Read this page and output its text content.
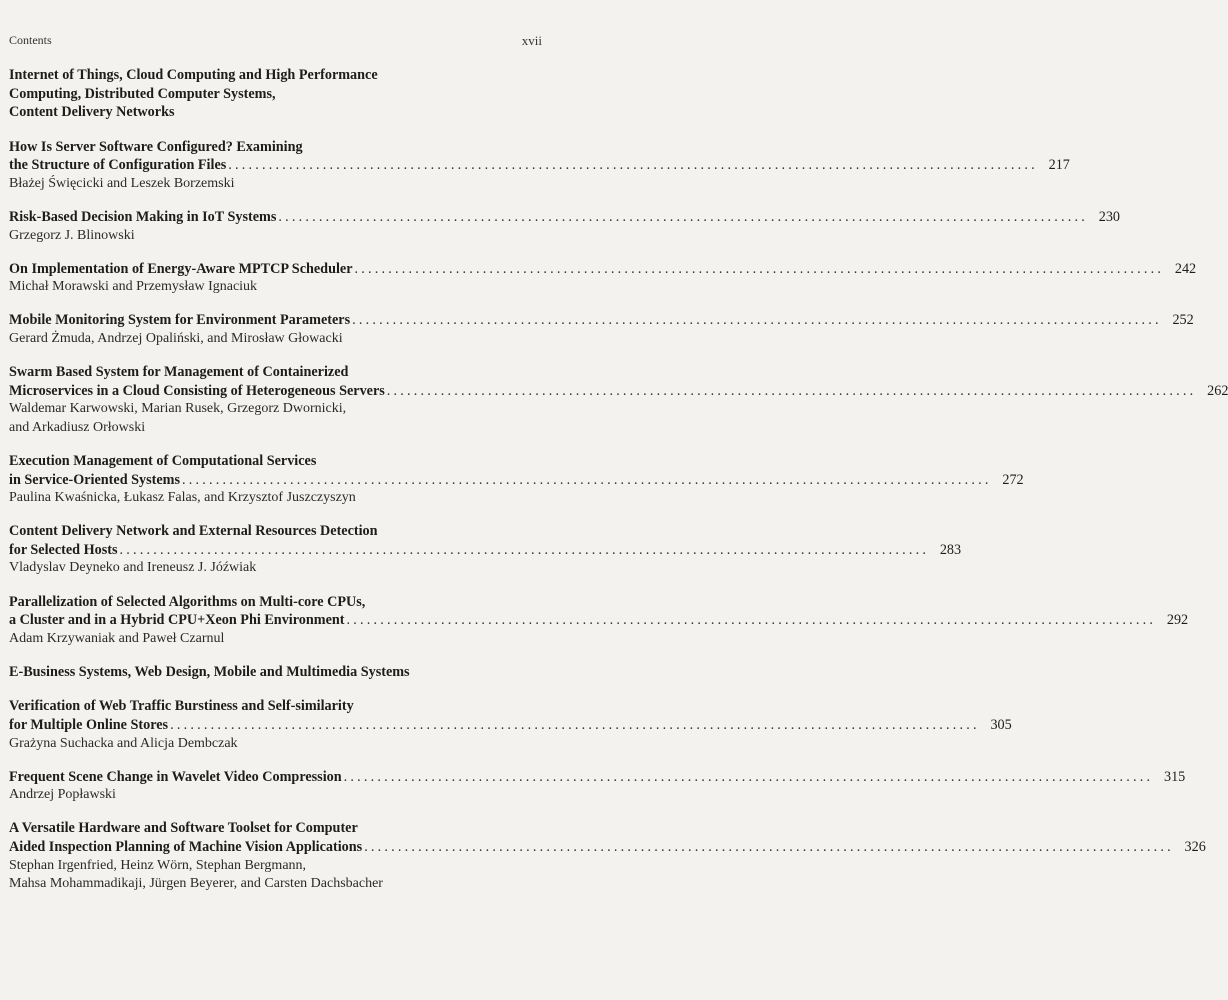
Contents	xvii
Internet of Things, Cloud Computing and High Performance
Computing, Distributed Computer Systems,
Content Delivery Networks
How Is Server Software Configured? Examining
the Structure of Configuration Files ........................................................................................................................ 217
Błażej Święcicki and Leszek Borzemski
Risk-Based Decision Making in IoT Systems ........................................................................................................................ 230
Grzegorz J. Blinowski
On Implementation of Energy-Aware MPTCP Scheduler ........................................................................................................................ 242
Michał Morawski and Przemysław Ignaciuk
Mobile Monitoring System for Environment Parameters ........................................................................................................................ 252
Gerard Żmuda, Andrzej Opaliński, and Mirosław Głowacki
Swarm Based System for Management of Containerized
Microservices in a Cloud Consisting of Heterogeneous Servers ........................................................................................................................ 262
Waldemar Karwowski, Marian Rusek, Grzegorz Dwornicki,
and Arkadiusz Orłowski
Execution Management of Computational Services
in Service-Oriented Systems ........................................................................................................................ 272
Paulina Kwaśnicka, Łukasz Falas, and Krzysztof Juszczyszyn
Content Delivery Network and External Resources Detection
for Selected Hosts ........................................................................................................................ 283
Vladyslav Deyneko and Ireneusz J. Jóźwiak
Parallelization of Selected Algorithms on Multi-core CPUs,
a Cluster and in a Hybrid CPU+Xeon Phi Environment ........................................................................................................................ 292
Adam Krzywaniak and Paweł Czarnul
E-Business Systems, Web Design, Mobile and Multimedia Systems
Verification of Web Traffic Burstiness and Self-similarity
for Multiple Online Stores ........................................................................................................................ 305
Grażyna Suchacka and Alicja Dembczak
Frequent Scene Change in Wavelet Video Compression ........................................................................................................................ 315
Andrzej Popławski
A Versatile Hardware and Software Toolset for Computer
Aided Inspection Planning of Machine Vision Applications ........................................................................................................................ 326
Stephan Irgenfried, Heinz Wörn, Stephan Bergmann,
Mahsa Mohammadikaji, Jürgen Beyerer, and Carsten Dachsbacher
